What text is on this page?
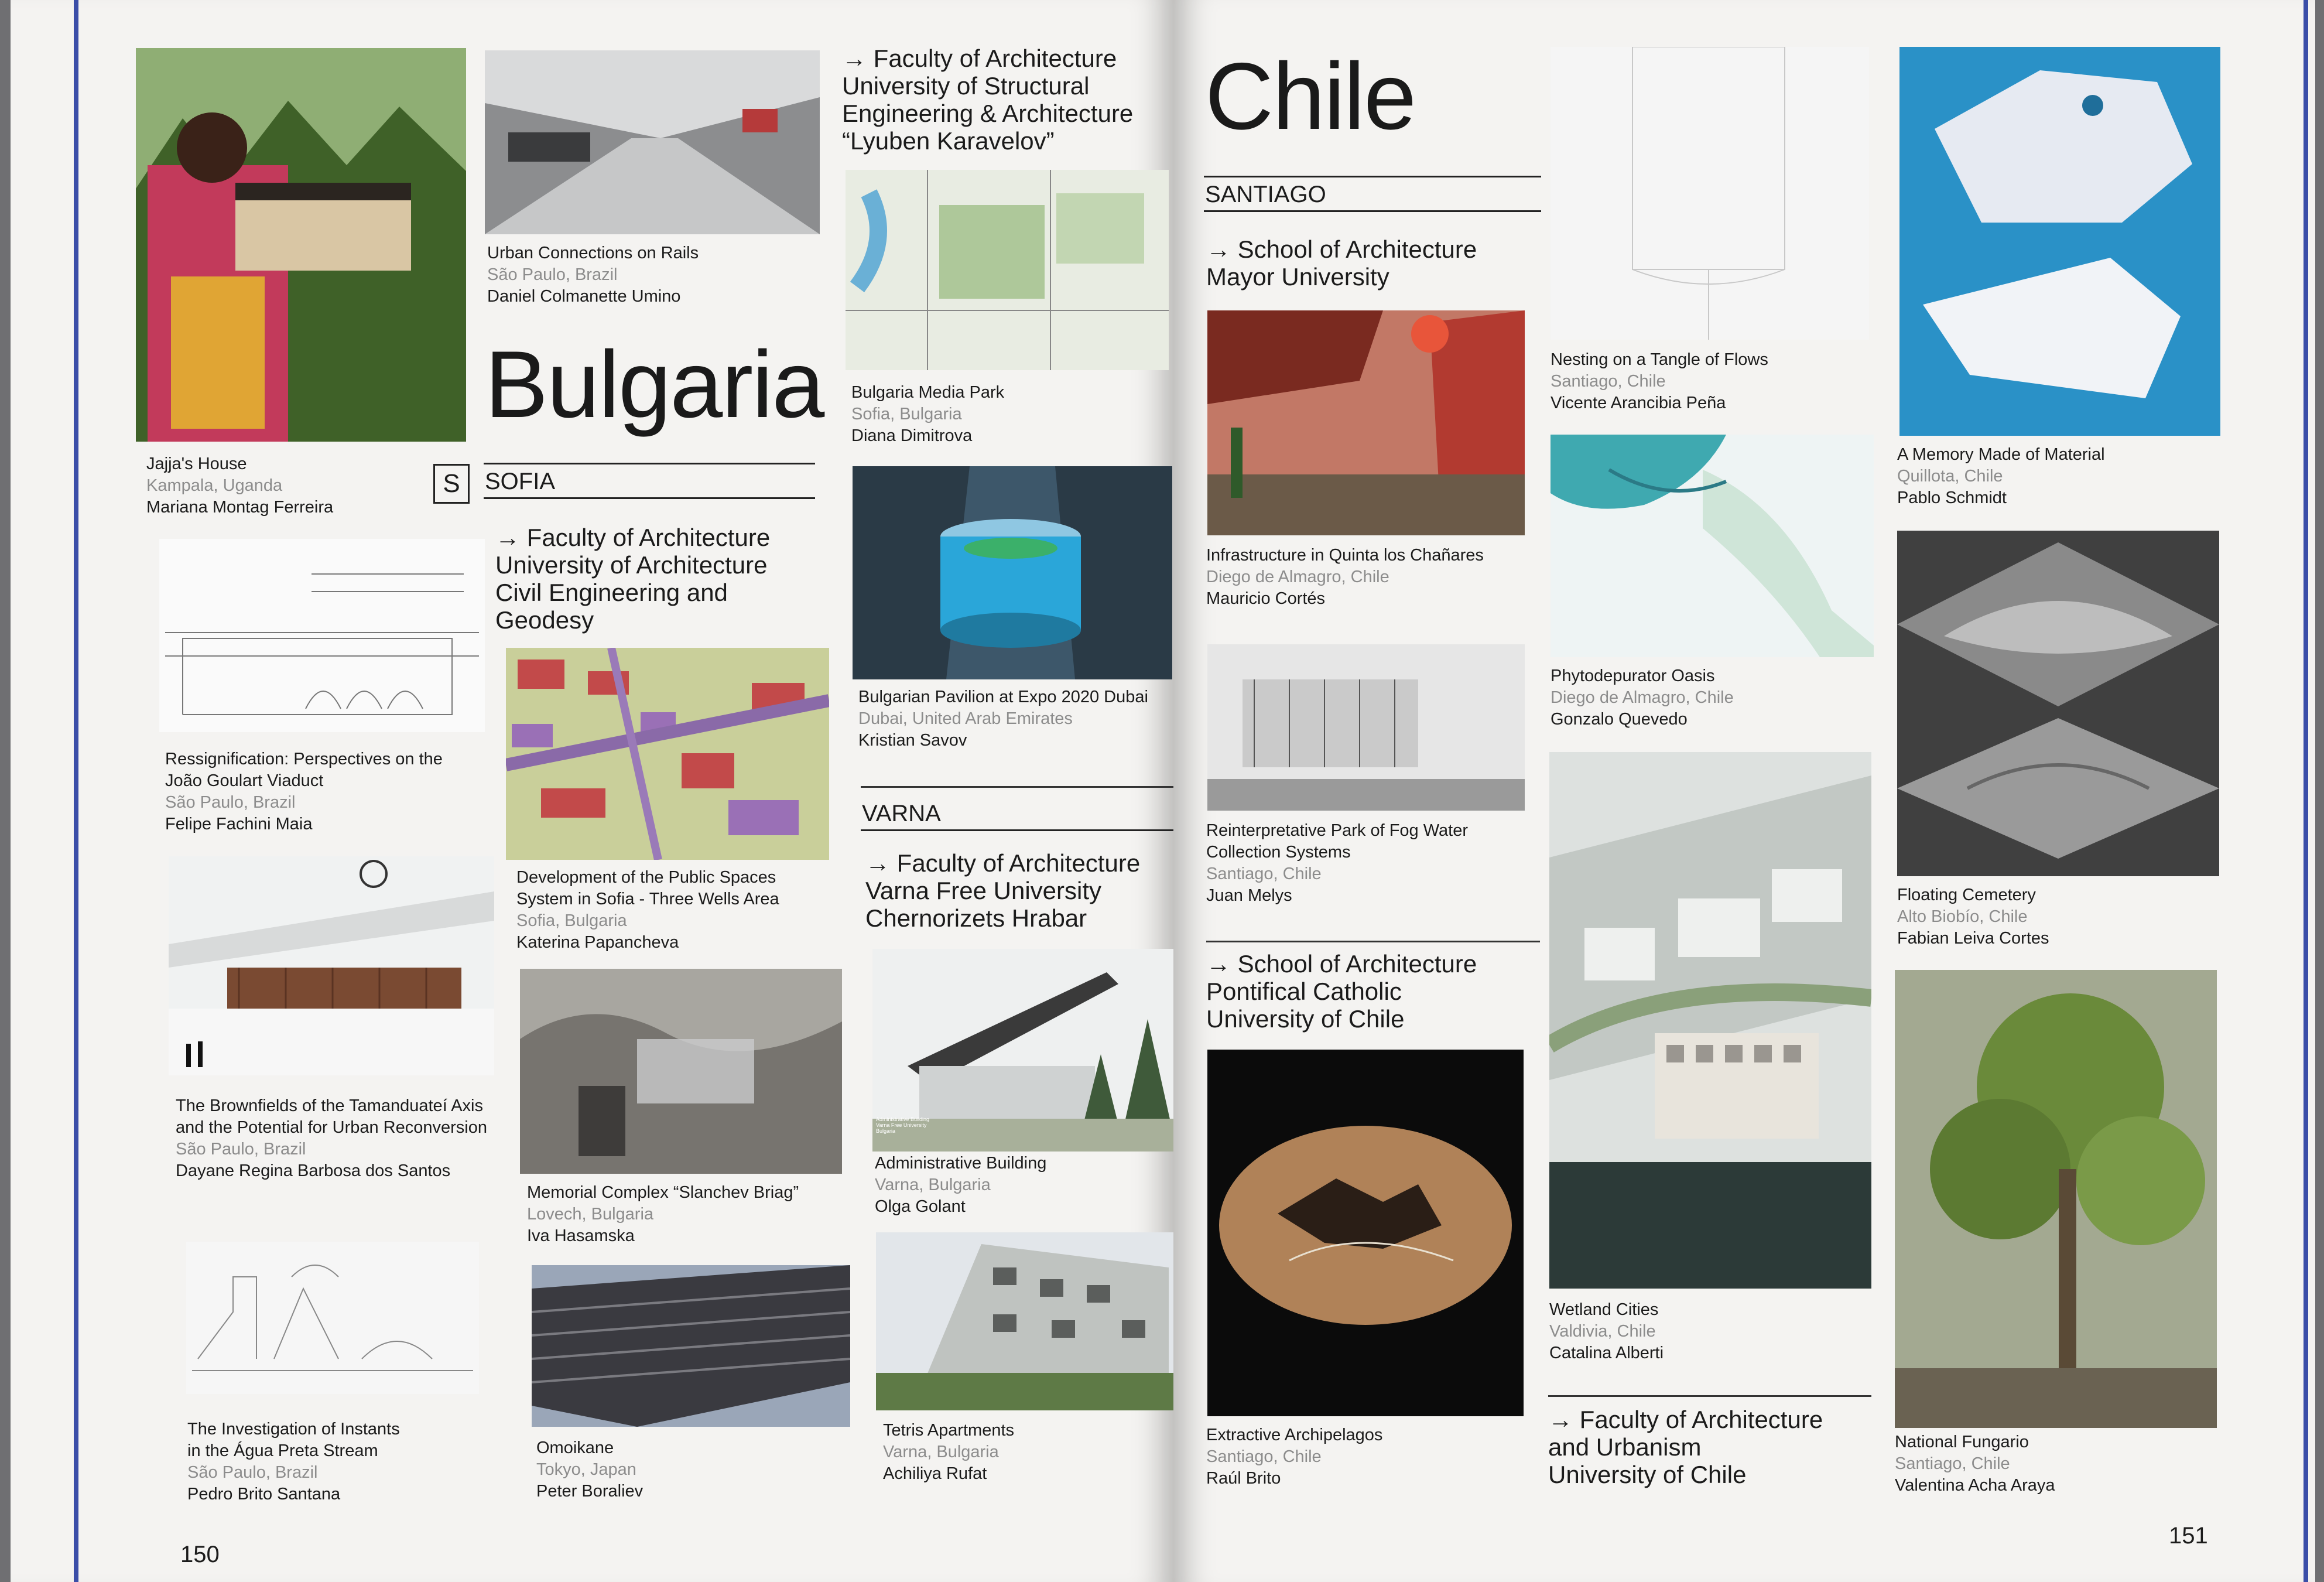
Jajja's House
Kampala, Uganda
Mariana Montag Ferreira
S
Ressignification: Perspectives on the
João Goulart Viaduct
São Paulo, Brazil
Felipe Fachini Maia
The Brownfields of the Tamanduateí Axis
and the Potential for Urban Reconversion
São Paulo, Brazil
Dayane Regina Barbosa dos Santos
The Investigation of Instants
in the Água Preta Stream
São Paulo, Brazil
Pedro Brito Santana
150
Urban Connections on Rails
São Paulo, Brazil
Daniel Colmanette Umino
Bulgaria
SOFIA
→ Faculty of Architecture
University of Architecture
Civil Engineering and
Geodesy
Development of the Public Spaces
System in Sofia - Three Wells Area
Sofia, Bulgaria
Katerina Papancheva
Memorial Complex “Slanchev Briag”
Lovech, Bulgaria
Iva Hasamska
Omoikane
Tokyo, Japan
Peter Boraliev
→ Faculty of Architecture
University of Structural
Engineering & Architecture
“Lyuben Karavelov”
Bulgaria Media Park
Sofia, Bulgaria
Diana Dimitrova
Bulgarian Pavilion at Expo 2020 Dubai
Dubai, United Arab Emirates
Kristian Savov
VARNA
→ Faculty of Architecture
Varna Free University
Chernorizets Hrabar
Administrative Building
Varna Free University
Bulgaria
Administrative Building
Varna, Bulgaria
Olga Golant
Tetris Apartments
Varna, Bulgaria
Achiliya Rufat
Chile
SANTIAGO
→ School of Architecture
Mayor University
Infrastructure in Quinta los Chañares
Diego de Almagro, Chile
Mauricio Cortés
Reinterpretative Park of Fog Water
Collection Systems
Santiago, Chile
Juan Melys
→ School of Architecture
Pontifical Catholic
University of Chile
Extractive Archipelagos
Santiago, Chile
Raúl Brito
Nesting on a Tangle of Flows
Santiago, Chile
Vicente Arancibia Peña
Phytodepurator Oasis
Diego de Almagro, Chile
Gonzalo Quevedo
Wetland Cities
Valdivia, Chile
Catalina Alberti
→ Faculty of Architecture
and Urbanism
University of Chile
A Memory Made of Material
Quillota, Chile
Pablo Schmidt
Floating Cemetery
Alto Biobío, Chile
Fabian Leiva Cortes
National Fungario
Santiago, Chile
Valentina Acha Araya
151
